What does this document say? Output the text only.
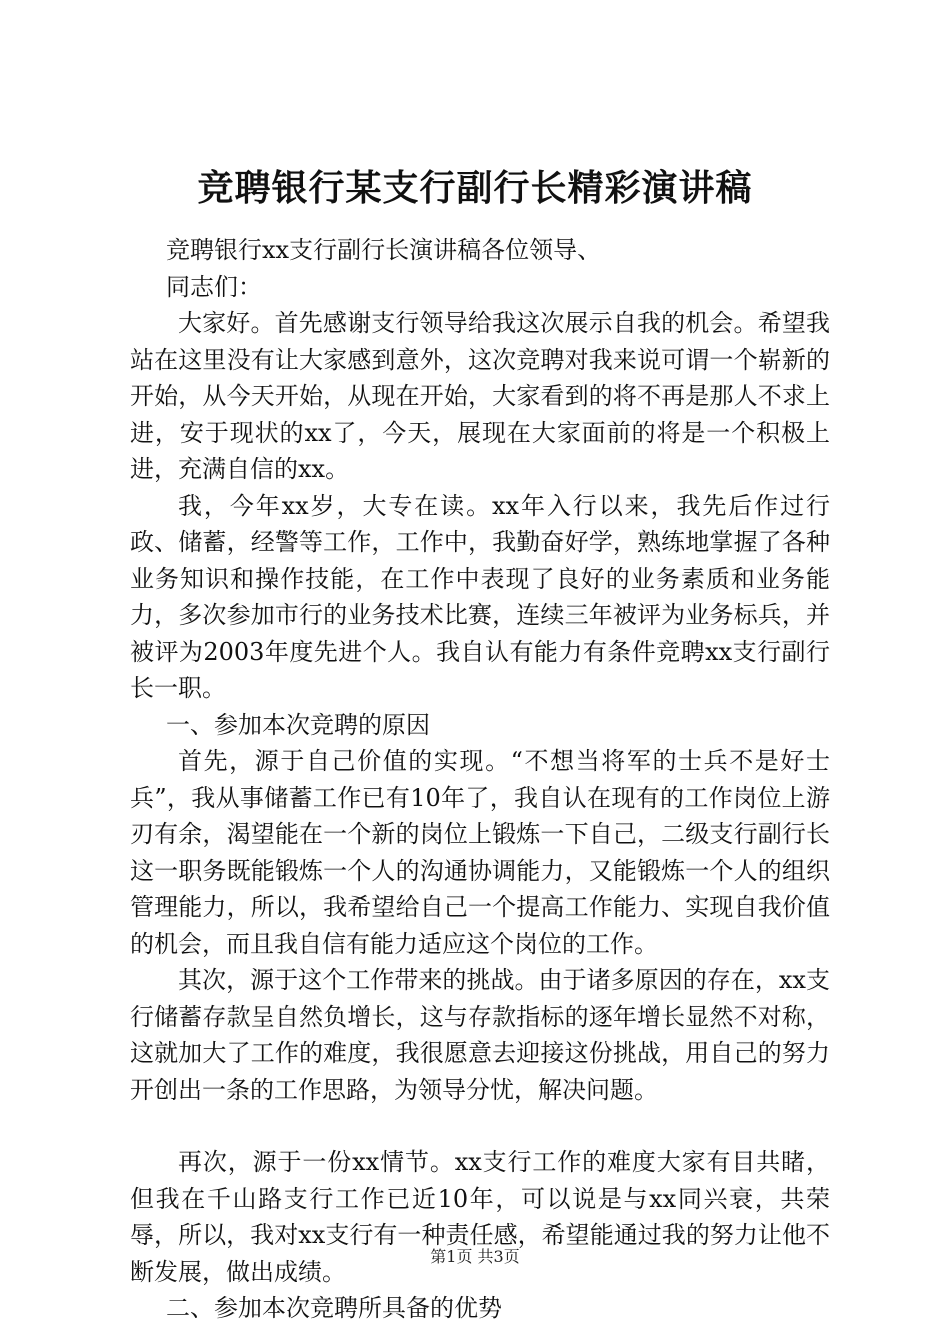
竞聘银行某支行副行长精彩演讲稿

竞聘银行xx支行副行长演讲稿各位领导、

同志们：

大家好。首先感谢支行领导给我这次展示自我的机会。希望我站在这里没有让大家感到意外，这次竞聘对我来说可谓一个崭新的开始，从今天开始，从现在开始，大家看到的将不再是那人不求上进，安于现状的xx了，今天，展现在大家面前的将是一个积极上进，充满自信的xx。

我，今年xx岁，大专在读。xx年入行以来，我先后作过行政、储蓄，经警等工作，工作中，我勤奋好学，熟练地掌握了各种业务知识和操作技能，在工作中表现了良好的业务素质和业务能力，多次参加市行的业务技术比赛，连续三年被评为业务标兵，并被评为2003年度先进个人。我自认有能力有条件竞聘xx支行副行长一职。

一、参加本次竞聘的原因

首先，源于自己价值的实现。“不想当将军的士兵不是好士兵”，我从事储蓄工作已有10年了，我自认在现有的工作岗位上游刃有余，渴望能在一个新的岗位上锻炼一下自己，二级支行副行长这一职务既能锻炼一个人的沟通协调能力，又能锻炼一个人的组织管理能力，所以，我希望给自己一个提高工作能力、实现自我价值的机会，而且我自信有能力适应这个岗位的工作。

其次，源于这个工作带来的挑战。由于诸多原因的存在，xx支行储蓄存款呈自然负增长，这与存款指标的逐年增长显然不对称，这就加大了工作的难度，我很愿意去迎接这份挑战，用自己的努力开创出一条的工作思路，为领导分忧，解决问题。

再次，源于一份xx情节。xx支行工作的难度大家有目共睹，但我在千山路支行工作已近10年，可以说是与xx同兴衰，共荣辱，所以，我对xx支行有一种责任感，希望能通过我的努力让他不断发展，做出成绩。

二、参加本次竞聘所具备的优势

第1页 共3页
